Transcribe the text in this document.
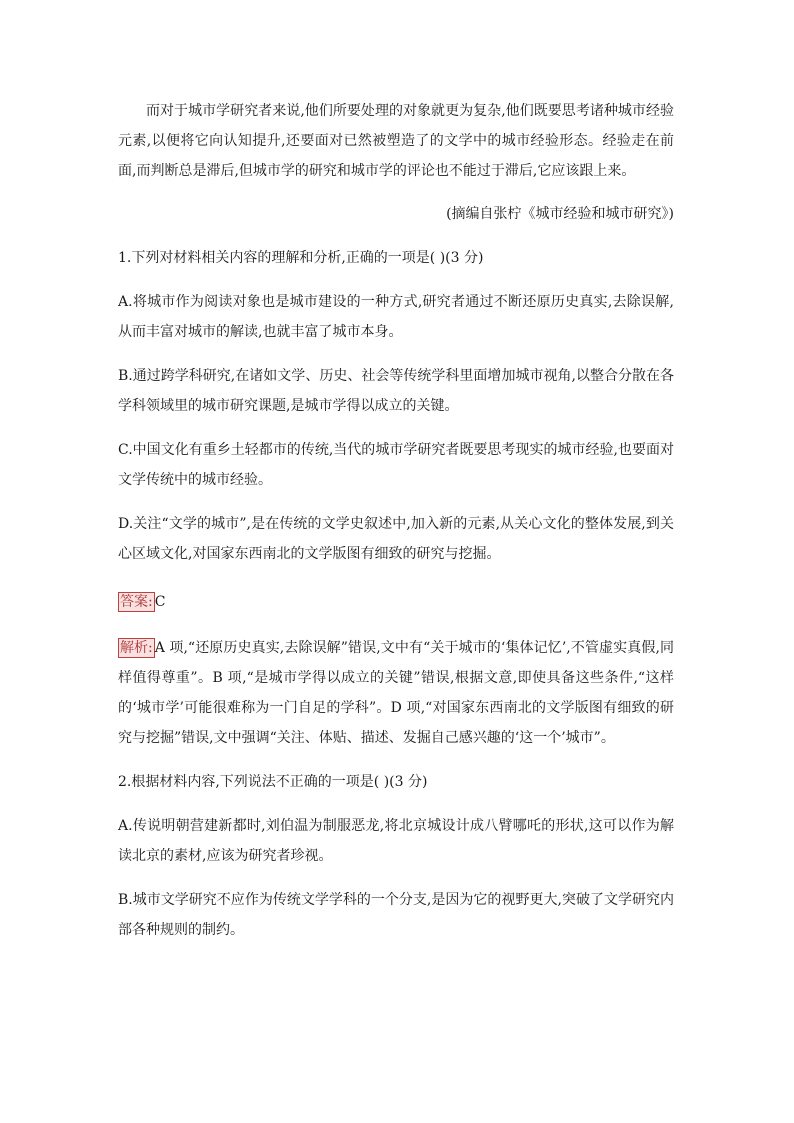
而对于城市学研究者来说,他们所要处理的对象就更为复杂,他们既要思考诸种城市经验元素,以便将它向认知提升,还要面对已然被塑造了的文学中的城市经验形态。经验走在前面,而判断总是滞后,但城市学的研究和城市学的评论也不能过于滞后,它应该跟上来。

(摘编自张柠《城市经验和城市研究》)

1.下列对材料相关内容的理解和分析,正确的一项是( )(3 分)

A.将城市作为阅读对象也是城市建设的一种方式,研究者通过不断还原历史真实,去除误解,从而丰富对城市的解读,也就丰富了城市本身。

B.通过跨学科研究,在诸如文学、历史、社会等传统学科里面增加城市视角,以整合分散在各学科领域里的城市研究课题,是城市学得以成立的关键。

C.中国文化有重乡土轻都市的传统,当代的城市学研究者既要思考现实的城市经验,也要面对文学传统中的城市经验。

D.关注“文学的城市”,是在传统的文学史叙述中,加入新的元素,从关心文化的整体发展,到关心区域文化,对国家东西南北的文学版图有细致的研究与挖掘。

答案: C

解析: A 项,“还原历史真实,去除误解”错误,文中有“关于城市的‘集体记忆’,不管虚实真假,同样值得尊重”。B 项,“是城市学得以成立的关键”错误,根据文意,即使具备这些条件,“这样的‘城市学’可能很难称为一门自足的学科”。D 项,“对国家东西南北的文学版图有细致的研究与挖掘”错误,文中强调“关注、体贴、描述、发掘自己感兴趣的‘这一个’城市”。

2.根据材料内容,下列说法不正确的一项是( )(3 分)

A.传说明朝营建新都时,刘伯温为制服恶龙,将北京城设计成八臂哪吒的形状,这可以作为解读北京的素材,应该为研究者珍视。

B.城市文学研究不应作为传统文学学科的一个分支,是因为它的视野更大,突破了文学研究内部各种规则的制约。
